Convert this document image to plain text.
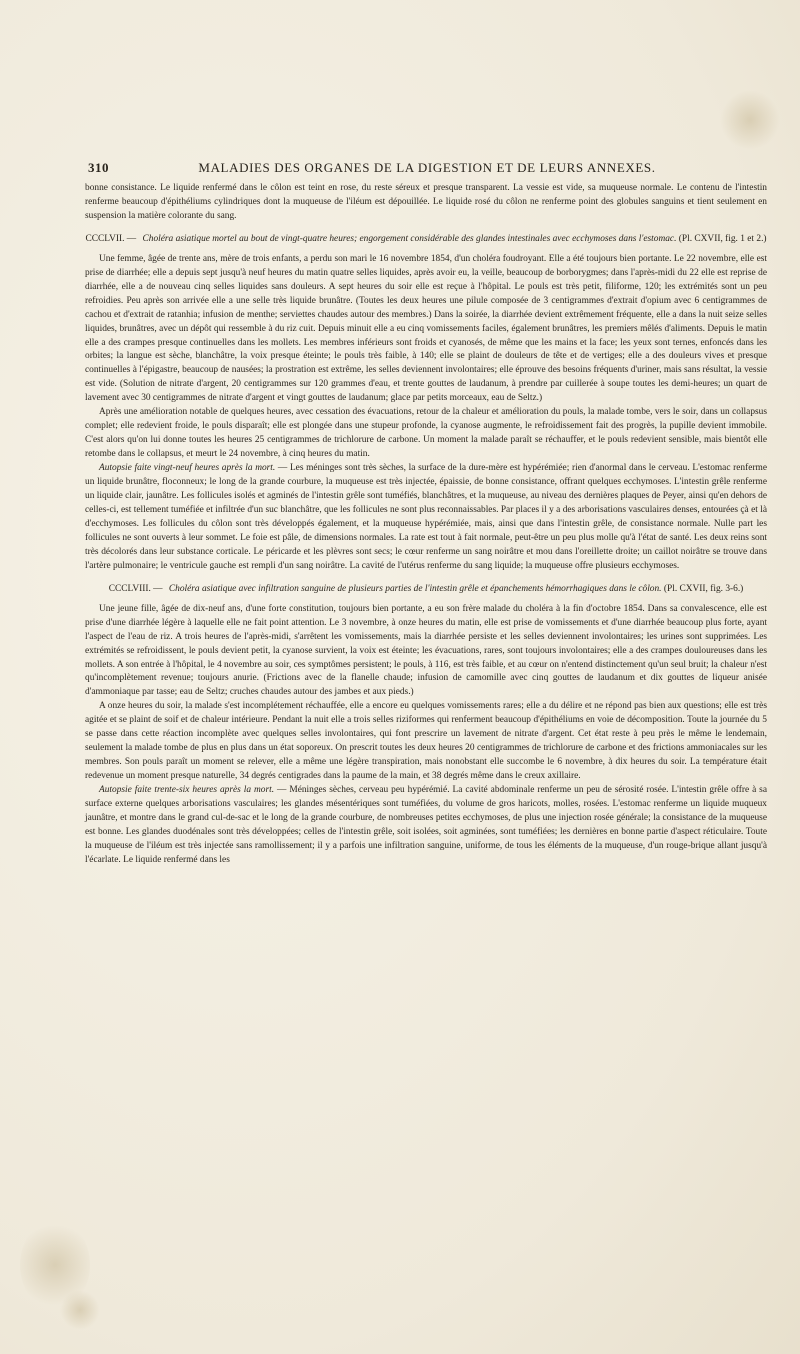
310	MALADIES DES ORGANES DE LA DIGESTION ET DE LEURS ANNEXES.

bonne consistance. Le liquide renfermé dans le côlon est teint en rose, du reste séreux et presque transparent. La vessie est vide, sa muqueuse normale. Le contenu de l'intestin renferme beaucoup d'épithéliums cylindriques dont la muqueuse de l'iléum est dépouillée. Le liquide rosé du côlon ne renferme point des globules sanguins et tient seulement en suspension la matière colorante du sang.

CCCLVII. — Choléra asiatique mortel au bout de vingt-quatre heures; engorgement considérable des glandes intestinales avec ecchymoses dans l'estomac. (Pl. CXVII, fig. 1 et 2.)

Une femme, âgée de trente ans, mère de trois enfants, a perdu son mari le 16 novembre 1854, d'un choléra foudroyant. Elle a été toujours bien portante. Le 22 novembre, elle est prise de diarrhée; elle a depuis sept jusqu'à neuf heures du matin quatre selles liquides, après avoir eu, la veille, beaucoup de borborygmes; dans l'après-midi du 22 elle est reprise de diarrhée, elle a de nouveau cinq selles liquides sans douleurs. A sept heures du soir elle est reçue à l'hôpital. Le pouls est très petit, filiforme, 120; les extrémités sont un peu refroidies. Peu après son arrivée elle a une selle très liquide brunâtre. (Toutes les deux heures une pilule composée de 3 centigrammes d'extrait d'opium avec 6 centigrammes de cachou et d'extrait de ratanhia; infusion de menthe; serviettes chaudes autour des membres.) Dans la soirée, la diarrhée devient extrêmement fréquente, elle a dans la nuit seize selles liquides, brunâtres, avec un dépôt qui ressemble à du riz cuit. Depuis minuit elle a eu cinq vomissements faciles, également brunâtres, les premiers mêlés d'aliments. Depuis le matin elle a des crampes presque continuelles dans les mollets. Les membres inférieurs sont froids et cyanosés, de même que les mains et la face; les yeux sont ternes, enfoncés dans les orbites; la langue est sèche, blanchâtre, la voix presque éteinte; le pouls très faible, à 140; elle se plaint de douleurs de tête et de vertiges; elle a des douleurs vives et presque continuelles à l'épigastre, beaucoup de nausées; la prostration est extrême, les selles deviennent involontaires; elle éprouve des besoins fréquents d'uriner, mais sans résultat, la vessie est vide. (Solution de nitrate d'argent, 20 centigrammes sur 120 grammes d'eau, et trente gouttes de laudanum, à prendre par cuillerée à soupe toutes les demi-heures; un quart de lavement avec 30 centigrammes de nitrate d'argent et vingt gouttes de laudanum; glace par petits morceaux, eau de Seltz.)

Après une amélioration notable de quelques heures, avec cessation des évacuations, retour de la chaleur et amélioration du pouls, la malade tombe, vers le soir, dans un collapsus complet; elle redevient froide, le pouls disparaît; elle est plongée dans une stupeur profonde, la cyanose augmente, le refroidissement fait des progrès, la pupille devient immobile. C'est alors qu'on lui donne toutes les heures 25 centigrammes de trichlorure de carbone. Un moment la malade paraît se réchauffer, et le pouls redevient sensible, mais bientôt elle retombe dans le collapsus, et meurt le 24 novembre, à cinq heures du matin.

Autopsie faite vingt-neuf heures après la mort. — Les méninges sont très sèches, la surface de la dure-mère est hypérémiée; rien d'anormal dans le cerveau. L'estomac renferme un liquide brunâtre, floconneux; le long de la grande courbure, la muqueuse est très injectée, épaissie, de bonne consistance, offrant quelques ecchymoses. L'intestin grêle renferme un liquide clair, jaunâtre. Les follicules isolés et agminés de l'intestin grêle sont tuméfiés, blanchâtres, et la muqueuse, au niveau des dernières plaques de Peyer, ainsi qu'en dehors de celles-ci, est tellement tuméfiée et infiltrée d'un suc blanchâtre, que les follicules ne sont plus reconnaissables. Par places il y a des arborisations vasculaires denses, entourées çà et là d'ecchymoses. Les follicules du côlon sont très développés également, et la muqueuse hypérémiée, mais, ainsi que dans l'intestin grêle, de consistance normale. Nulle part les follicules ne sont ouverts à leur sommet. Le foie est pâle, de dimensions normales. La rate est tout à fait normale, peut-être un peu plus molle qu'à l'état de santé. Les deux reins sont très décolorés dans leur substance corticale. Le péricarde et les plèvres sont secs; le cœur renferme un sang noirâtre et mou dans l'oreillette droite; un caillot noirâtre se trouve dans l'artère pulmonaire; le ventricule gauche est rempli d'un sang noirâtre. La cavité de l'utérus renferme du sang liquide; la muqueuse offre plusieurs ecchymoses.

CCCLVIII. — Choléra asiatique avec infiltration sanguine de plusieurs parties de l'intestin grêle et épanchements hémorrhagiques dans le côlon. (Pl. CXVII, fig. 3-6.)

Une jeune fille, âgée de dix-neuf ans, d'une forte constitution, toujours bien portante, a eu son frère malade du choléra à la fin d'octobre 1854. Dans sa convalescence, elle est prise d'une diarrhée légère à laquelle elle ne fait point attention. Le 3 novembre, à onze heures du matin, elle est prise de vomissements et d'une diarrhée beaucoup plus forte, ayant l'aspect de l'eau de riz. A trois heures de l'après-midi, s'arrêtent les vomissements, mais la diarrhée persiste et les selles deviennent involontaires; les urines sont supprimées. Les extrémités se refroidissent, le pouls devient petit, la cyanose survient, la voix est éteinte; les évacuations, rares, sont toujours involontaires; elle a des crampes douloureuses dans les mollets. A son entrée à l'hôpital, le 4 novembre au soir, ces symptômes persistent; le pouls, à 116, est très faible, et au cœur on n'entend distinctement qu'un seul bruit; la chaleur n'est qu'incomplètement revenue; toujours anurie. (Frictions avec de la flanelle chaude; infusion de camomille avec cinq gouttes de laudanum et dix gouttes de liqueur anisée d'ammoniaque par tasse; eau de Seltz; cruches chaudes autour des jambes et aux pieds.)

A onze heures du soir, la malade s'est incomplétement réchauffée, elle a encore eu quelques vomissements rares; elle a du délire et ne répond pas bien aux questions; elle est très agitée et se plaint de soif et de chaleur intérieure. Pendant la nuit elle a trois selles riziformes qui renferment beaucoup d'épithéliums en voie de décomposition. Toute la journée du 5 se passe dans cette réaction incomplète avec quelques selles involontaires, qui font prescrire un lavement de nitrate d'argent. Cet état reste à peu près le même le lendemain, seulement la malade tombe de plus en plus dans un état soporeux. On prescrit toutes les deux heures 20 centigrammes de trichlorure de carbone et des frictions ammoniacales sur les membres. Son pouls paraît un moment se relever, elle a même une légère transpiration, mais nonobstant elle succombe le 6 novembre, à dix heures du soir. La température était redevenue un moment presque naturelle, 34 degrés centigrades dans la paume de la main, et 38 degrés même dans le creux axillaire.

Autopsie faite trente-six heures après la mort. — Méninges sèches, cerveau peu hypérémié. La cavité abdominale renferme un peu de sérosité rosée. L'intestin grêle offre à sa surface externe quelques arborisations vasculaires; les glandes mésentériques sont tuméfiées, du volume de gros haricots, molles, rosées. L'estomac renferme un liquide muqueux jaunâtre, et montre dans le grand cul-de-sac et le long de la grande courbure, de nombreuses petites ecchymoses, de plus une injection rosée générale; la consistance de la muqueuse est bonne. Les glandes duodénales sont très développées; celles de l'intestin grêle, soit isolées, soit agminées, sont tuméfiées; les dernières en bonne partie d'aspect réticulaire. Toute la muqueuse de l'iléum est très injectée sans ramollissement; il y a parfois une infiltration sanguine, uniforme, de tous les éléments de la muqueuse, d'un rouge-brique allant jusqu'à l'écarlate. Le liquide renfermé dans les
